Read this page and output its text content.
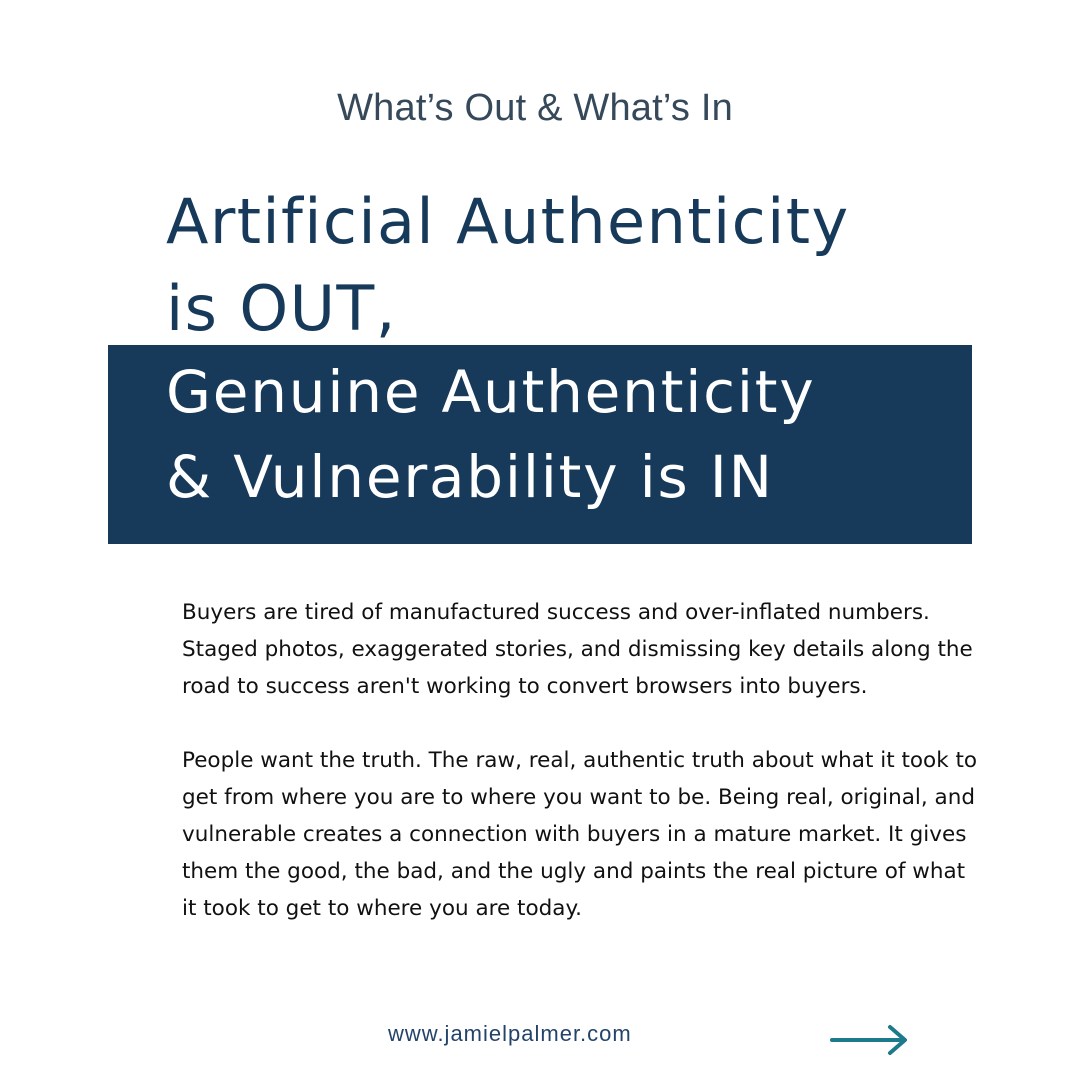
What’s Out & What’s In
Artificial Authenticity
is OUT,
Genuine Authenticity
& Vulnerability is IN

Buyers are tired of manufactured success and over-inflated numbers. Staged photos, exaggerated stories, and dismissing key details along the road to success aren't working to convert browsers into buyers.

People want the truth. The raw, real, authentic truth about what it took to get from where you are to where you want to be. Being real, original, and vulnerable creates a connection with buyers in a mature market. It gives them the good, the bad, and the ugly and paints the real picture of what it took to get to where you are today.

www.jamielpalmer.com
